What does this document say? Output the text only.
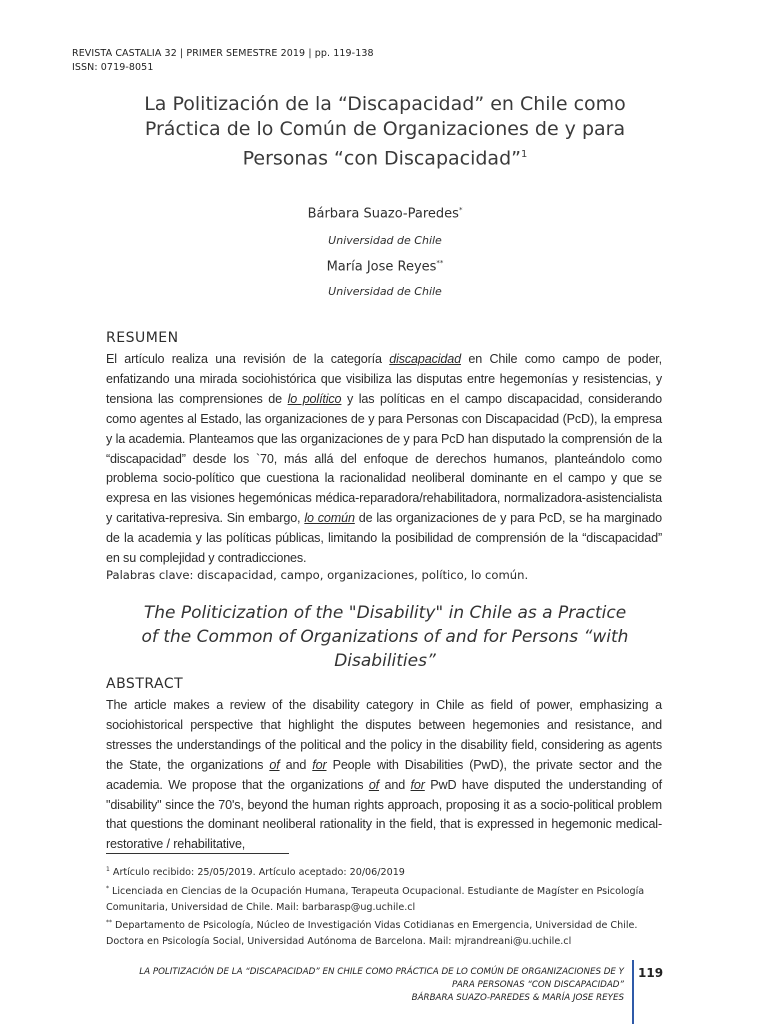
REVISTA CASTALIA 32 | PRIMER SEMESTRE 2019 | pp. 119-138
ISSN: 0719-8051
La Politización de la “Discapacidad” en Chile como
Práctica de lo Común de Organizaciones de y para
Personas “con Discapacidad”$^1$
Bárbara Suazo-Paredes*
Universidad de Chile
María Jose Reyes**
Universidad de Chile
RESUMEN
El artículo realiza una revisión de la categoría discapacidad en Chile como campo de poder, enfatizando una mirada sociohistórica que visibiliza las disputas entre hegemonías y resistencias, y tensiona las comprensiones de lo político y las políticas en el campo discapacidad, considerando como agentes al Estado, las organizaciones de y para Personas con Discapacidad (PcD), la empresa y la academia. Planteamos que las organizaciones de y para PcD han disputado la comprensión de la “discapacidad” desde los `70, más allá del enfoque de derechos humanos, planteándolo como problema socio-político que cuestiona la racionalidad neoliberal dominante en el campo y que se expresa en las visiones hegemónicas médica-reparadora/rehabilitadora, normalizadora-asistencialista y caritativa-represiva. Sin embargo, lo común de las organizaciones de y para PcD, se ha marginado de la academia y las políticas públicas, limitando la posibilidad de comprensión de la “discapacidad” en su complejidad y contradicciones.
Palabras clave: discapacidad, campo, organizaciones, político, lo común.
The Politicization of the "Disability" in Chile as a Practice
of the Common of Organizations of and for Persons “with
Disabilities”
ABSTRACT
The article makes a review of the disability category in Chile as field of power, emphasizing a sociohistorical perspective that highlight the disputes between hegemonies and resistance, and stresses the understandings of the political and the policy in the disability field, considering as agents the State, the organizations of and for People with Disabilities (PwD), the private sector and the academia. We propose that the organizations of and for PwD have disputed the understanding of "disability" since the 70's, beyond the human rights approach, proposing it as a socio-political problem that questions the dominant neoliberal rationality in the field, that is expressed in hegemonic medical-restorative / rehabilitative,

$^1$ Artículo recibido: 25/05/2019. Artículo aceptado: 20/06/2019

* Licenciada en Ciencias de la Ocupación Humana, Terapeuta Ocupacional. Estudiante de Magíster en Psicología Comunitaria, Universidad de Chile. Mail: barbarasp@ug.uchile.cl

** Departamento de Psicología, Núcleo de Investigación Vidas Cotidianas en Emergencia, Universidad de Chile. Doctora en Psicología Social, Universidad Autónoma de Barcelona. Mail: mjrandreani@u.uchile.cl

LA POLITIZACIÓN DE LA “DISCAPACIDAD” EN CHILE COMO PRÁCTICA DE LO COMÚN DE ORGANIZACIONES DE Y
PARA PERSONAS “CON DISCAPACIDAD”
BÁRBARA SUAZO-PAREDES & MARÍA JOSE REYES
119
